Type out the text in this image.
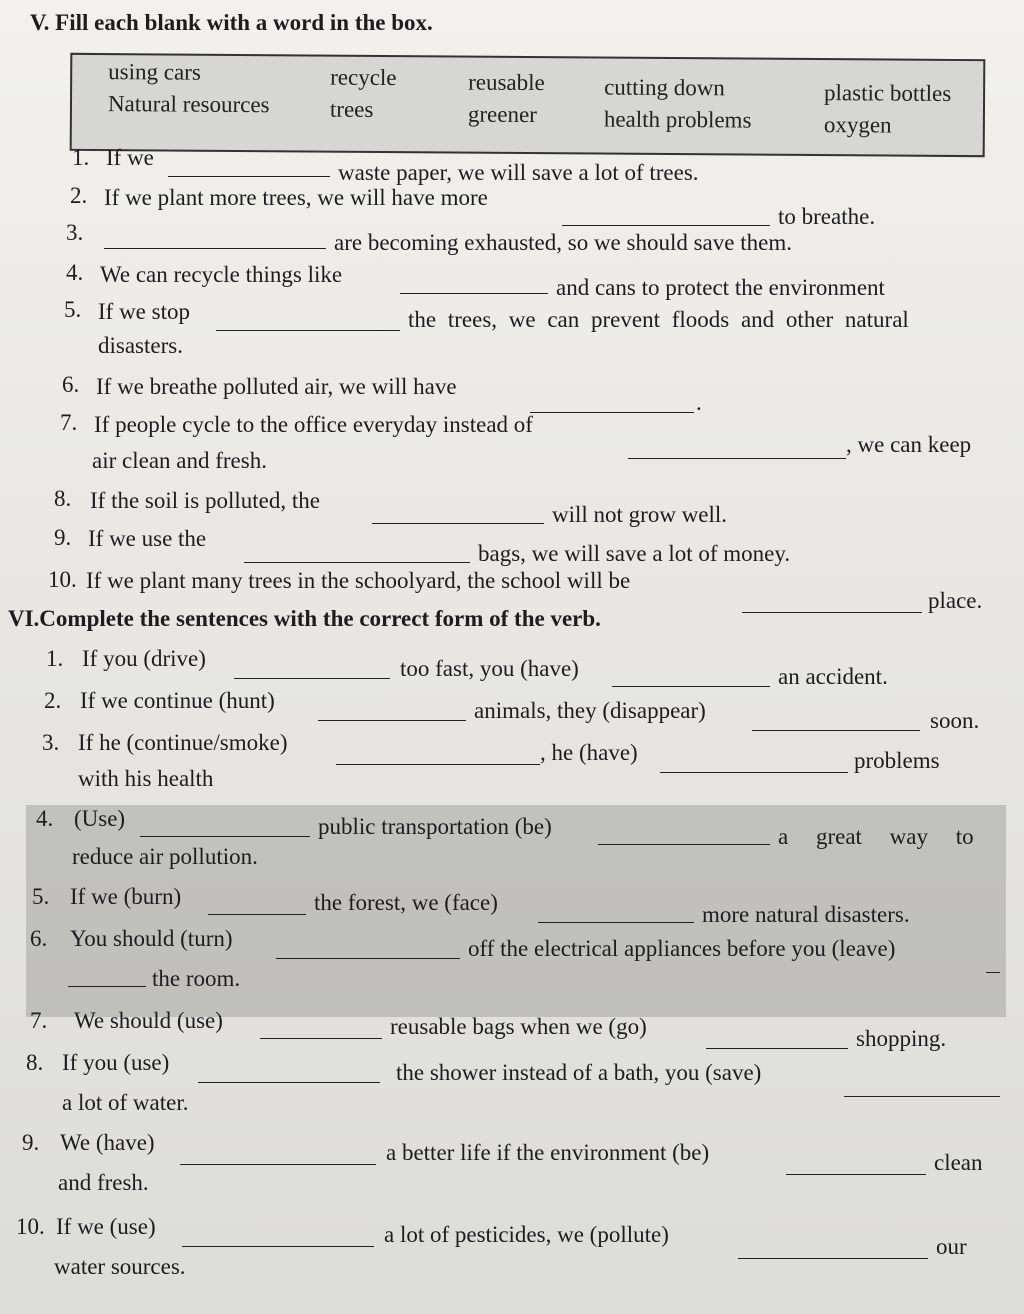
V. Fill each blank with a word in the box.
using cars	recycle	reusable	cutting down	plastic bottles
Natural resources	trees	greener	health problems	oxygen
1. If we
waste paper, we will save a lot of trees.
2. If we plant more trees, we will have more
to breathe.
3.	are becoming exhausted, so we should save them.
4. We can recycle things like
and cans to protect the environment
5. If we stop	the trees, we can prevent floods and other natural
disasters.
6. If we breathe polluted air, we will have
.
7. If people cycle to the office everyday instead of
, we can keep
air clean and fresh.
8. If the soil is polluted, the
will not grow well.
9. If we use the
bags, we will save a lot of money.
10. If we plant many trees in the schoolyard, the school will be
place.
VI.Complete the sentences with the correct form of the verb.
1. If you (drive)	too fast, you (have)	an accident.
2. If we continue (hunt)	animals, they (disappear)	soon.
3. If he (continue/smoke)	, he (have)	problems
with his health
4. (Use)	public transportation (be)	a great way to
reduce air pollution.
5. If we (burn)	the forest, we (face)	more natural disasters.
6. You should (turn)	off the electrical appliances before you (leave)
the room.
7. We should (use)	reusable bags when we (go)	shopping.
8. If you (use)	the shower instead of a bath, you (save)
a lot of water.
9. We (have)	a better life if the environment (be)	clean
and fresh.
10. If we (use)	a lot of pesticides, we (pollute)	our
water sources.
